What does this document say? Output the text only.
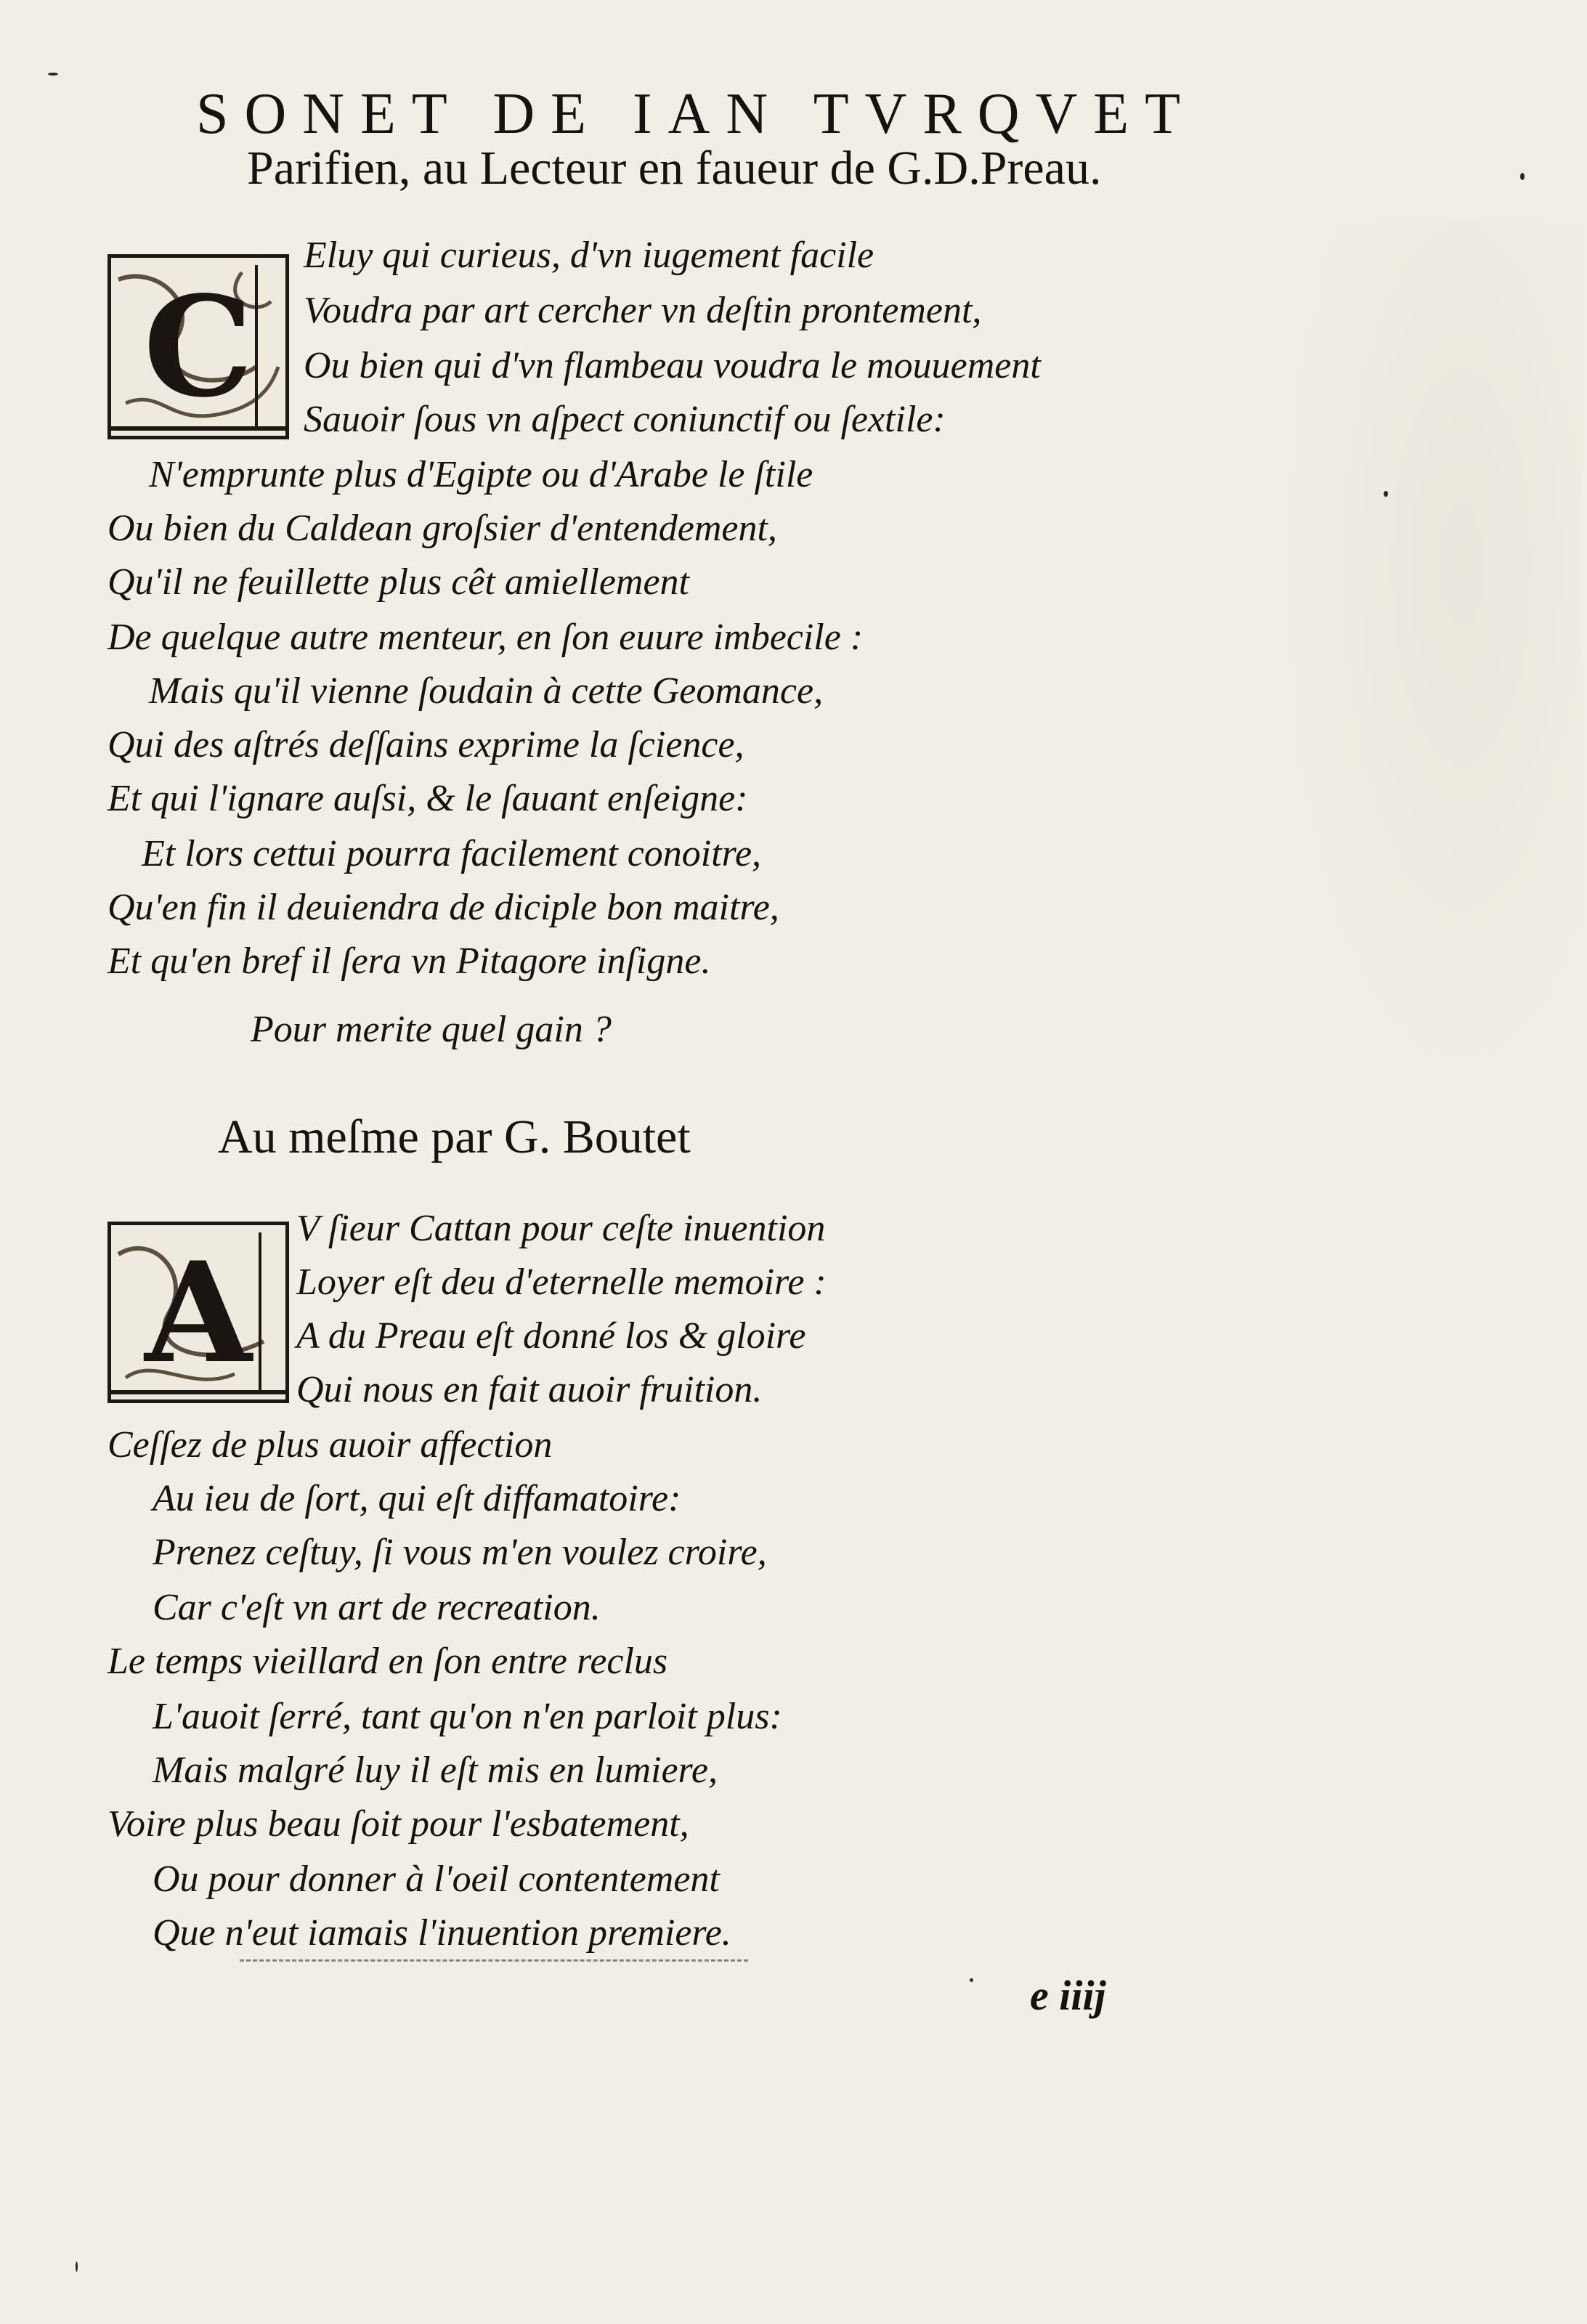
SONET DE IAN TVRQVET
Parifien, au Lecteur en faueur de G.D.Preau.
C
Eluy qui curieus, d'vn iugement facile
Voudra par art cercher vn deſtin prontement,
Ou bien qui d'vn flambeau voudra le mouuement
Sauoir ſous vn aſpect coniunctif ou ſextile:
N'emprunte plus d'Egipte ou d'Arabe le ſtile
Ou bien du Caldean groſsier d'entendement,
Qu'il ne feuillette plus cêt amiellement
De quelque autre menteur, en ſon euure imbecile :
Mais qu'il vienne ſoudain à cette Geomance,
Qui des aſtrés deſſains exprime la ſcience,
Et qui l'ignare auſsi, & le ſauant enſeigne:
Et lors cettui pourra facilement conoitre,
Qu'en fin il deuiendra de diciple bon maitre,
Et qu'en bref il ſera vn Pitagore inſigne.
Pour merite quel gain ?
Au meſme par G. Boutet
A
V ſieur Cattan pour ceſte inuention
Loyer eſt deu d'eternelle memoire :
A du Preau eſt donné los & gloire
Qui nous en fait auoir fruition.
Ceſſez de plus auoir affection
Au ieu de ſort, qui eſt diffamatoire:
Prenez ceſtuy, ſi vous m'en voulez croire,
Car c'eſt vn art de recreation.
Le temps vieillard en ſon entre reclus
L'auoit ſerré, tant qu'on n'en parloit plus:
Mais malgré luy il eſt mis en lumiere,
Voire plus beau ſoit pour l'esbatement,
Ou pour donner à l'oeil contentement
Que n'eut iamais l'inuention premiere.
e iiij
